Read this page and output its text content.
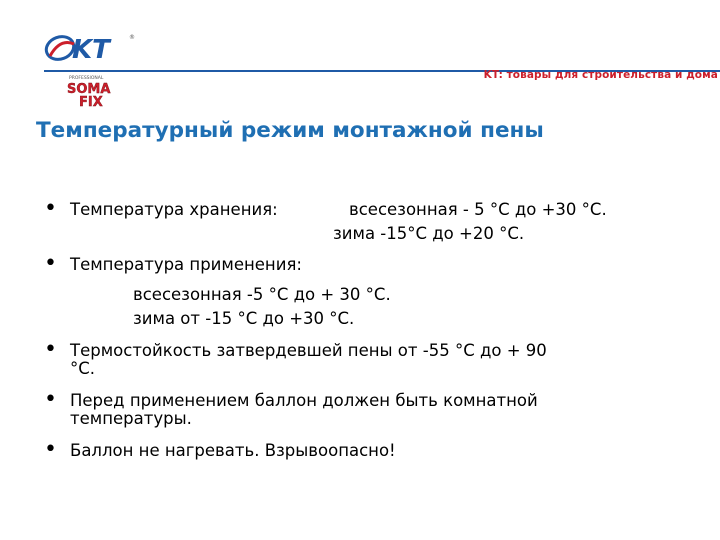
KT	®
KT: товары для строительства и дома
PROFESSIONAL
SOMA
FIX
Температурный режим монтажной пены
• Температура хранения:	всесезонная - 5 °С до +30 °С.
зима -15°С до +20 °С.
• Температура применения:
всесезонная -5 °С до + 30 °С.
зима от -15 °С до +30 °С.
• Термостойкость затвердевшей пены от -55 °С до + 90
°С.
• Перед применением баллон должен быть комнатной
температуры.
• Баллон не нагревать. Взрывоопасно!
